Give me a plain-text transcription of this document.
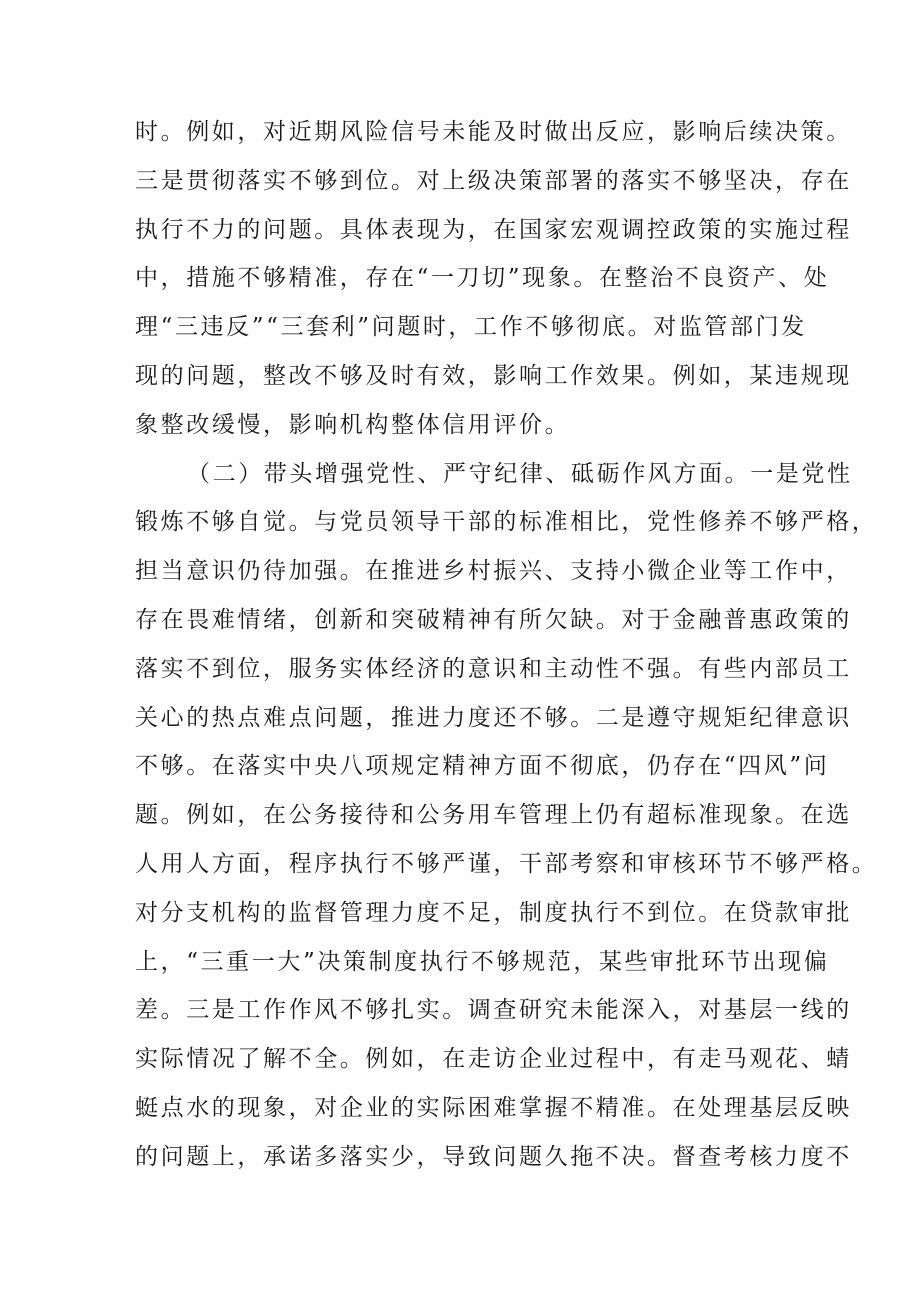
时。例如，对近期风险信号未能及时做出反应，影响后续决策。

三是贯彻落实不够到位。对上级决策部署的落实不够坚决，存在

执行不力的问题。具体表现为，在国家宏观调控政策的实施过程

中，措施不够精准，存在“一刀切”现象。在整治不良资产、处

理“三违反”“三套利”问题时，工作不够彻底。对监管部门发

现的问题，整改不够及时有效，影响工作效果。例如，某违规现

象整改缓慢，影响机构整体信用评价。

（二）带头增强党性、严守纪律、砥砺作风方面。一是党性

锻炼不够自觉。与党员领导干部的标准相比，党性修养不够严格，

担当意识仍待加强。在推进乡村振兴、支持小微企业等工作中，

存在畏难情绪，创新和突破精神有所欠缺。对于金融普惠政策的

落实不到位，服务实体经济的意识和主动性不强。有些内部员工

关心的热点难点问题，推进力度还不够。二是遵守规矩纪律意识

不够。在落实中央八项规定精神方面不彻底，仍存在“四风”问

题。例如，在公务接待和公务用车管理上仍有超标准现象。在选

人用人方面，程序执行不够严谨，干部考察和审核环节不够严格。

对分支机构的监督管理力度不足，制度执行不到位。在贷款审批

上，“三重一大”决策制度执行不够规范，某些审批环节出现偏

差。三是工作作风不够扎实。调查研究未能深入，对基层一线的

实际情况了解不全。例如，在走访企业过程中，有走马观花、蜻

蜓点水的现象，对企业的实际困难掌握不精准。在处理基层反映

的问题上，承诺多落实少，导致问题久拖不决。督查考核力度不
